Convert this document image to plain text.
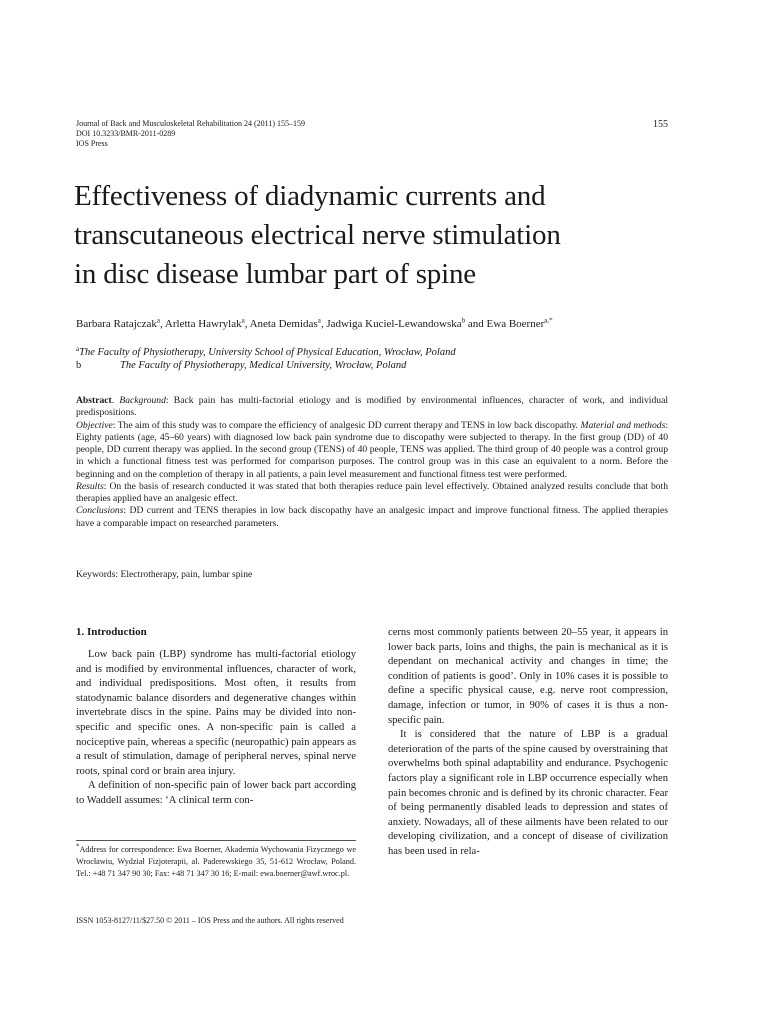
Journal of Back and Musculoskeletal Rehabilitation 24 (2011) 155–159
DOI 10.3233/BMR-2011-0289
IOS Press
155
Effectiveness of diadynamic currents and
transcutaneous electrical nerve stimulation
in disc disease lumbar part of spine
Barbara Ratajczak$^a$, Arletta Hawrylak$^a$, Aneta Demidas$^a$, Jadwiga Kuciel-Lewandowska$^b$ and Ewa Boerner$^{a,*}$
$^a$The Faculty of Physiotherapy, University School of Physical Education, Wrocław, Poland
b	The Faculty of Physiotherapy, Medical University, Wrocław, Poland

Abstract. Background: Back pain has multi-factorial etiology and is modified by environmental influences, character of work, and individual predispositions.

Objective: The aim of this study was to compare the efficiency of analgesic DD current therapy and TENS in low back discopathy. Material and methods: Eighty patients (age, 45–60 years) with diagnosed low back pain syndrome due to discopathy were subjected to therapy. In the first group (DD) of 40 people, DD current therapy was applied. In the second group (TENS) of 40 people, TENS was applied. The third group of 40 people was a control group in which a functional fitness test was performed for comparison purposes. The control group was in this case an equivalent to a norm. Before the beginning and on the completion of therapy in all patients, a pain level measurement and functional fitness test were performed.

Results: On the basis of research conducted it was stated that both therapies reduce pain level effectively. Obtained analyzed results conclude that both therapies applied have an analgesic effect.

Conclusions: DD current and TENS therapies in low back discopathy have an analgesic impact and improve functional fitness. The applied therapies have a comparable impact on researched parameters.

Keywords: Electrotherapy, pain, lumbar spine
1. Introduction

Low back pain (LBP) syndrome has multi-factorial etiology and is modified by environmental influences, character of work, and individual predispositions. Most often, it results from statodynamic balance disorders and degenerative changes within invertebrate discs in the spine. Pains may be divided into non-specific and specific ones. A non-specific pain is called a nociceptive pain, whereas a specific (neuropathic) pain appears as a result of stimulation, damage of peripheral nerves, spinal nerve roots, spinal cord or brain area injury.

A definition of non-specific pain of lower back part according to Waddell assumes: ‘A clinical term con-

cerns most commonly patients between 20–55 year, it appears in lower back parts, loins and thighs, the pain is mechanical as it is dependant on mechanical activity and changes in time; the condition of patients is good’. Only in 10% cases it is possible to define a specific physical cause, e.g. nerve root compression, damage, infection or tumor, in 90% of cases it is thus a non-specific pain.

It is considered that the nature of LBP is a gradual deterioration of the parts of the spine caused by overstraining that overwhelms both spinal adaptability and endurance. Psychogenic factors play a significant role in LBP occurrence especially when pain becomes chronic and is defined by its chronic character. Fear of being permanently disabled leads to depression and states of anxiety. Nowadays, all of these ailments have been related to our developing civilization, and a concept of disease of civilization has been used in rela-

*Address for correspondence: Ewa Boerner, Akademia Wychowania Fizycznego we Wrocławiu, Wydział Fizjoterapii, al. Paderewskiego 35, 51-612 Wrocław, Poland. Tel.: +48 71 347 90 30; Fax: +48 71 347 30 16; E-mail: ewa.boerner@awf.wroc.pl.
ISSN 1053-8127/11/$27.50 © 2011 – IOS Press and the authors. All rights reserved
